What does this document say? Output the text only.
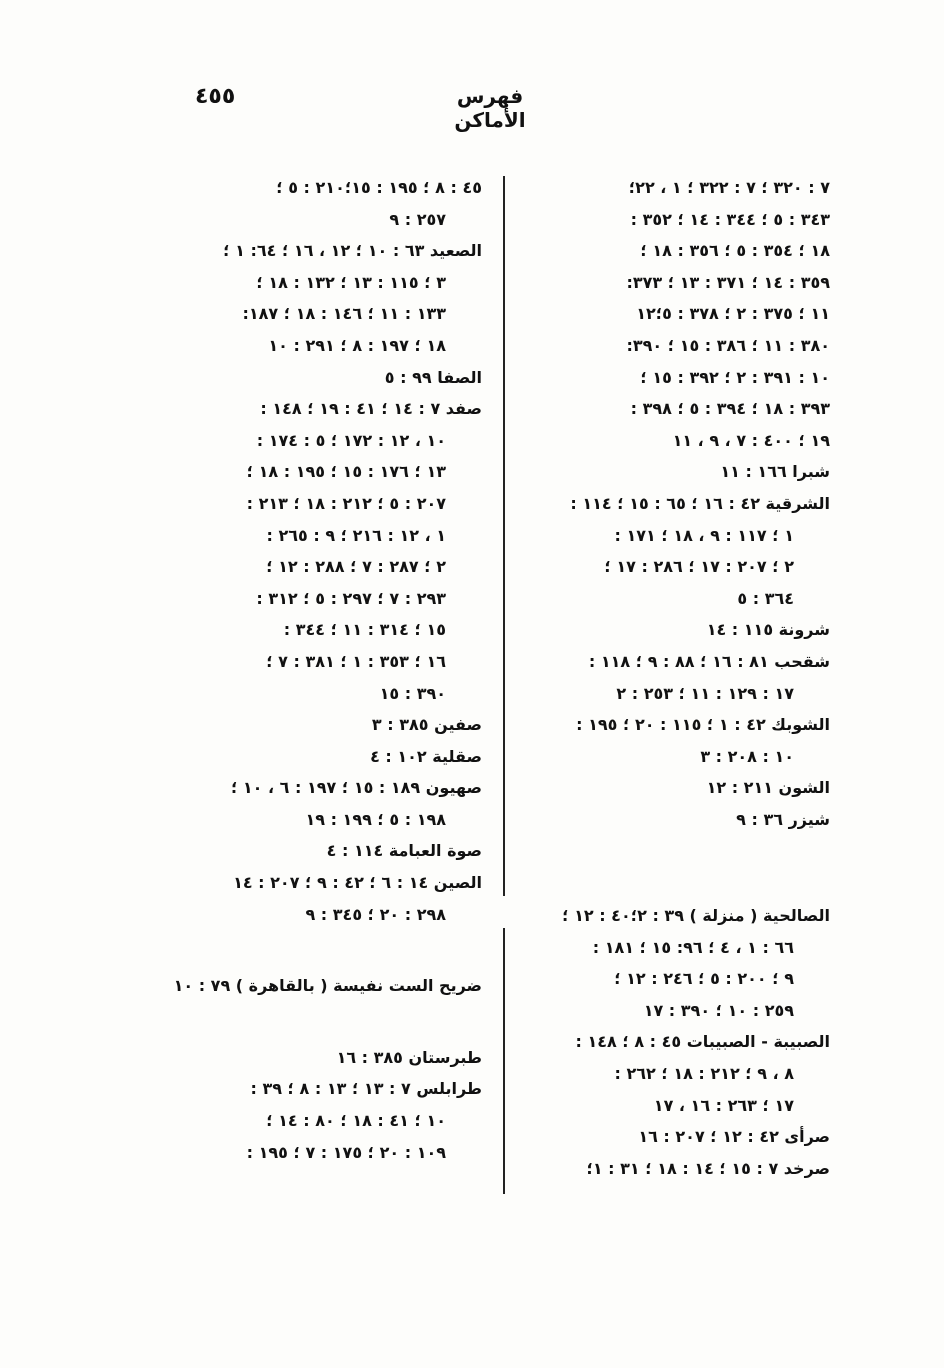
٤٥٥	فهرس الأماكن
٧ : ٣٢٠ ؛ ٧ : ٣٢٢ ؛ ١ ، ٢٢؛
٣٤٣ : ٥ ؛ ٣٤٤ : ١٤ ؛ ٣٥٢ :
١٨ ؛ ٣٥٤ : ٥ ؛ ٣٥٦ : ١٨ ؛
٣٥٩ : ١٤ ؛ ٣٧١ : ١٣ ؛ ٣٧٣:
١١ ؛ ٣٧٥ : ٢ ؛ ٣٧٨ : ٥؛١٢
٣٨٠ : ١١ ؛ ٣٨٦ : ١٥ ؛ ٣٩٠:
١٠ : ٣٩١ : ٢ ؛ ٣٩٢ : ١٥ ؛
٣٩٣ : ١٨ ؛ ٣٩٤ : ٥ ؛ ٣٩٨ :
١٩ ؛ ٤٠٠ : ٧ ، ٩ ، ١١
شبرا ١٦٦ : ١١
الشرقية ٤٢ : ١٦ ؛ ٦٥ : ١٥ ؛ ١١٤ :
١ ؛ ١١٧ : ٩ ، ١٨ ؛ ١٧١ :
٢ ؛ ٢٠٧ : ١٧ ؛ ٢٨٦ : ١٧ ؛
٣٦٤ : ٥
شرونة ١١٥ : ١٤
شقحب ٨١ : ١٦ ؛ ٨٨ : ٩ ؛ ١١٨ :
١٧ : ١٢٩ : ١١ ؛ ٢٥٣ : ٢
الشوبك ٤٢ : ١ ؛ ١١٥ : ٢٠ ؛ ١٩٥ :
١٠ : ٢٠٨ : ٣
الشون ٢١١ : ١٢
شيزر ٣٦ : ٩
الصالحية ( منزلة ) ٣٩ : ٢؛٤٠ : ١٢ ؛
٦٦ : ١ ، ٤ ؛ ٩٦: ١٥ ؛ ١٨١ :
٩ ؛ ٢٠٠ : ٥ ؛ ٢٤٦ : ١٢ ؛
٢٥٩ : ١٠ ؛ ٣٩٠ : ١٧
الصبيبة - الصبيبات ٤٥ : ٨ ؛ ١٤٨ :
٨ ، ٩ ؛ ٢١٢ : ١٨ ؛ ٢٦٢ :
١٧ ؛ ٢٦٣ : ١٦ ، ١٧
صرأى ٤٢ : ١٢ ؛ ٢٠٧ : ١٦
صرخد ٧ : ١٥ ؛ ١٤ : ١٨ ؛ ٣١ : ١؛
٤٥ : ٨ ؛ ١٩٥ : ١٥؛٢١٠ : ٥ ؛
٢٥٧ : ٩
الصعيد ٦٣ : ١٠ ؛ ١٢ ، ١٦ ؛ ٦٤: ١ ؛
٣ ؛ ١١٥ : ١٣ ؛ ١٣٢ : ١٨ ؛
١٣٣ : ١١ ؛ ١٤٦ : ١٨ ؛ ١٨٧:
١٨ ؛ ١٩٧ : ٨ ؛ ٢٩١ : ١٠
الصفا ٩٩ : ٥
صفد ٧ : ١٤ ؛ ٤١ : ١٩ ؛ ١٤٨ :
١٠ ، ١٢ : ١٧٢ ؛ ٥ : ١٧٤ :
١٣ ؛ ١٧٦ : ١٥ ؛ ١٩٥ : ١٨ ؛
٢٠٧ : ٥ ؛ ٢١٢ : ١٨ ؛ ٢١٣ :
١ ، ١٢ : ٢١٦ ؛ ٩ : ٢٦٥ :
٢ ؛ ٢٨٧ : ٧ ؛ ٢٨٨ : ١٢ ؛
٢٩٣ : ٧ ؛ ٢٩٧ : ٥ ؛ ٣١٢ :
١٥ ؛ ٣١٤ : ١١ ؛ ٣٤٤ :
١٦ ؛ ٣٥٣ : ١ ؛ ٣٨١ : ٧ ؛
٣٩٠ : ١٥
صفين ٣٨٥ : ٣
صقلية ١٠٢ : ٤
صهيون ١٨٩ : ١٥ ؛ ١٩٧ : ٦ ، ١٠ ؛
١٩٨ : ٥ ؛ ١٩٩ : ١٩
صوة العبامة ١١٤ : ٤
الصين ١٤ : ٦ ؛ ٤٢ : ٩ ؛ ٢٠٧ : ١٤
٢٩٨ : ٢٠ ؛ ٣٤٥ : ٩
ضريح الست نفيسة ( بالقاهرة ) ٧٩ : ١٠
طبرستان ٣٨٥ : ١٦
طرابلس ٧ : ١٣ ؛ ١٣ : ٨ ؛ ٣٩ :
١٠ ؛ ٤١ : ١٨ ؛ ٨٠ : ١٤ ؛
١٠٩ : ٢٠ ؛ ١٧٥ : ٧ ؛ ١٩٥ :
